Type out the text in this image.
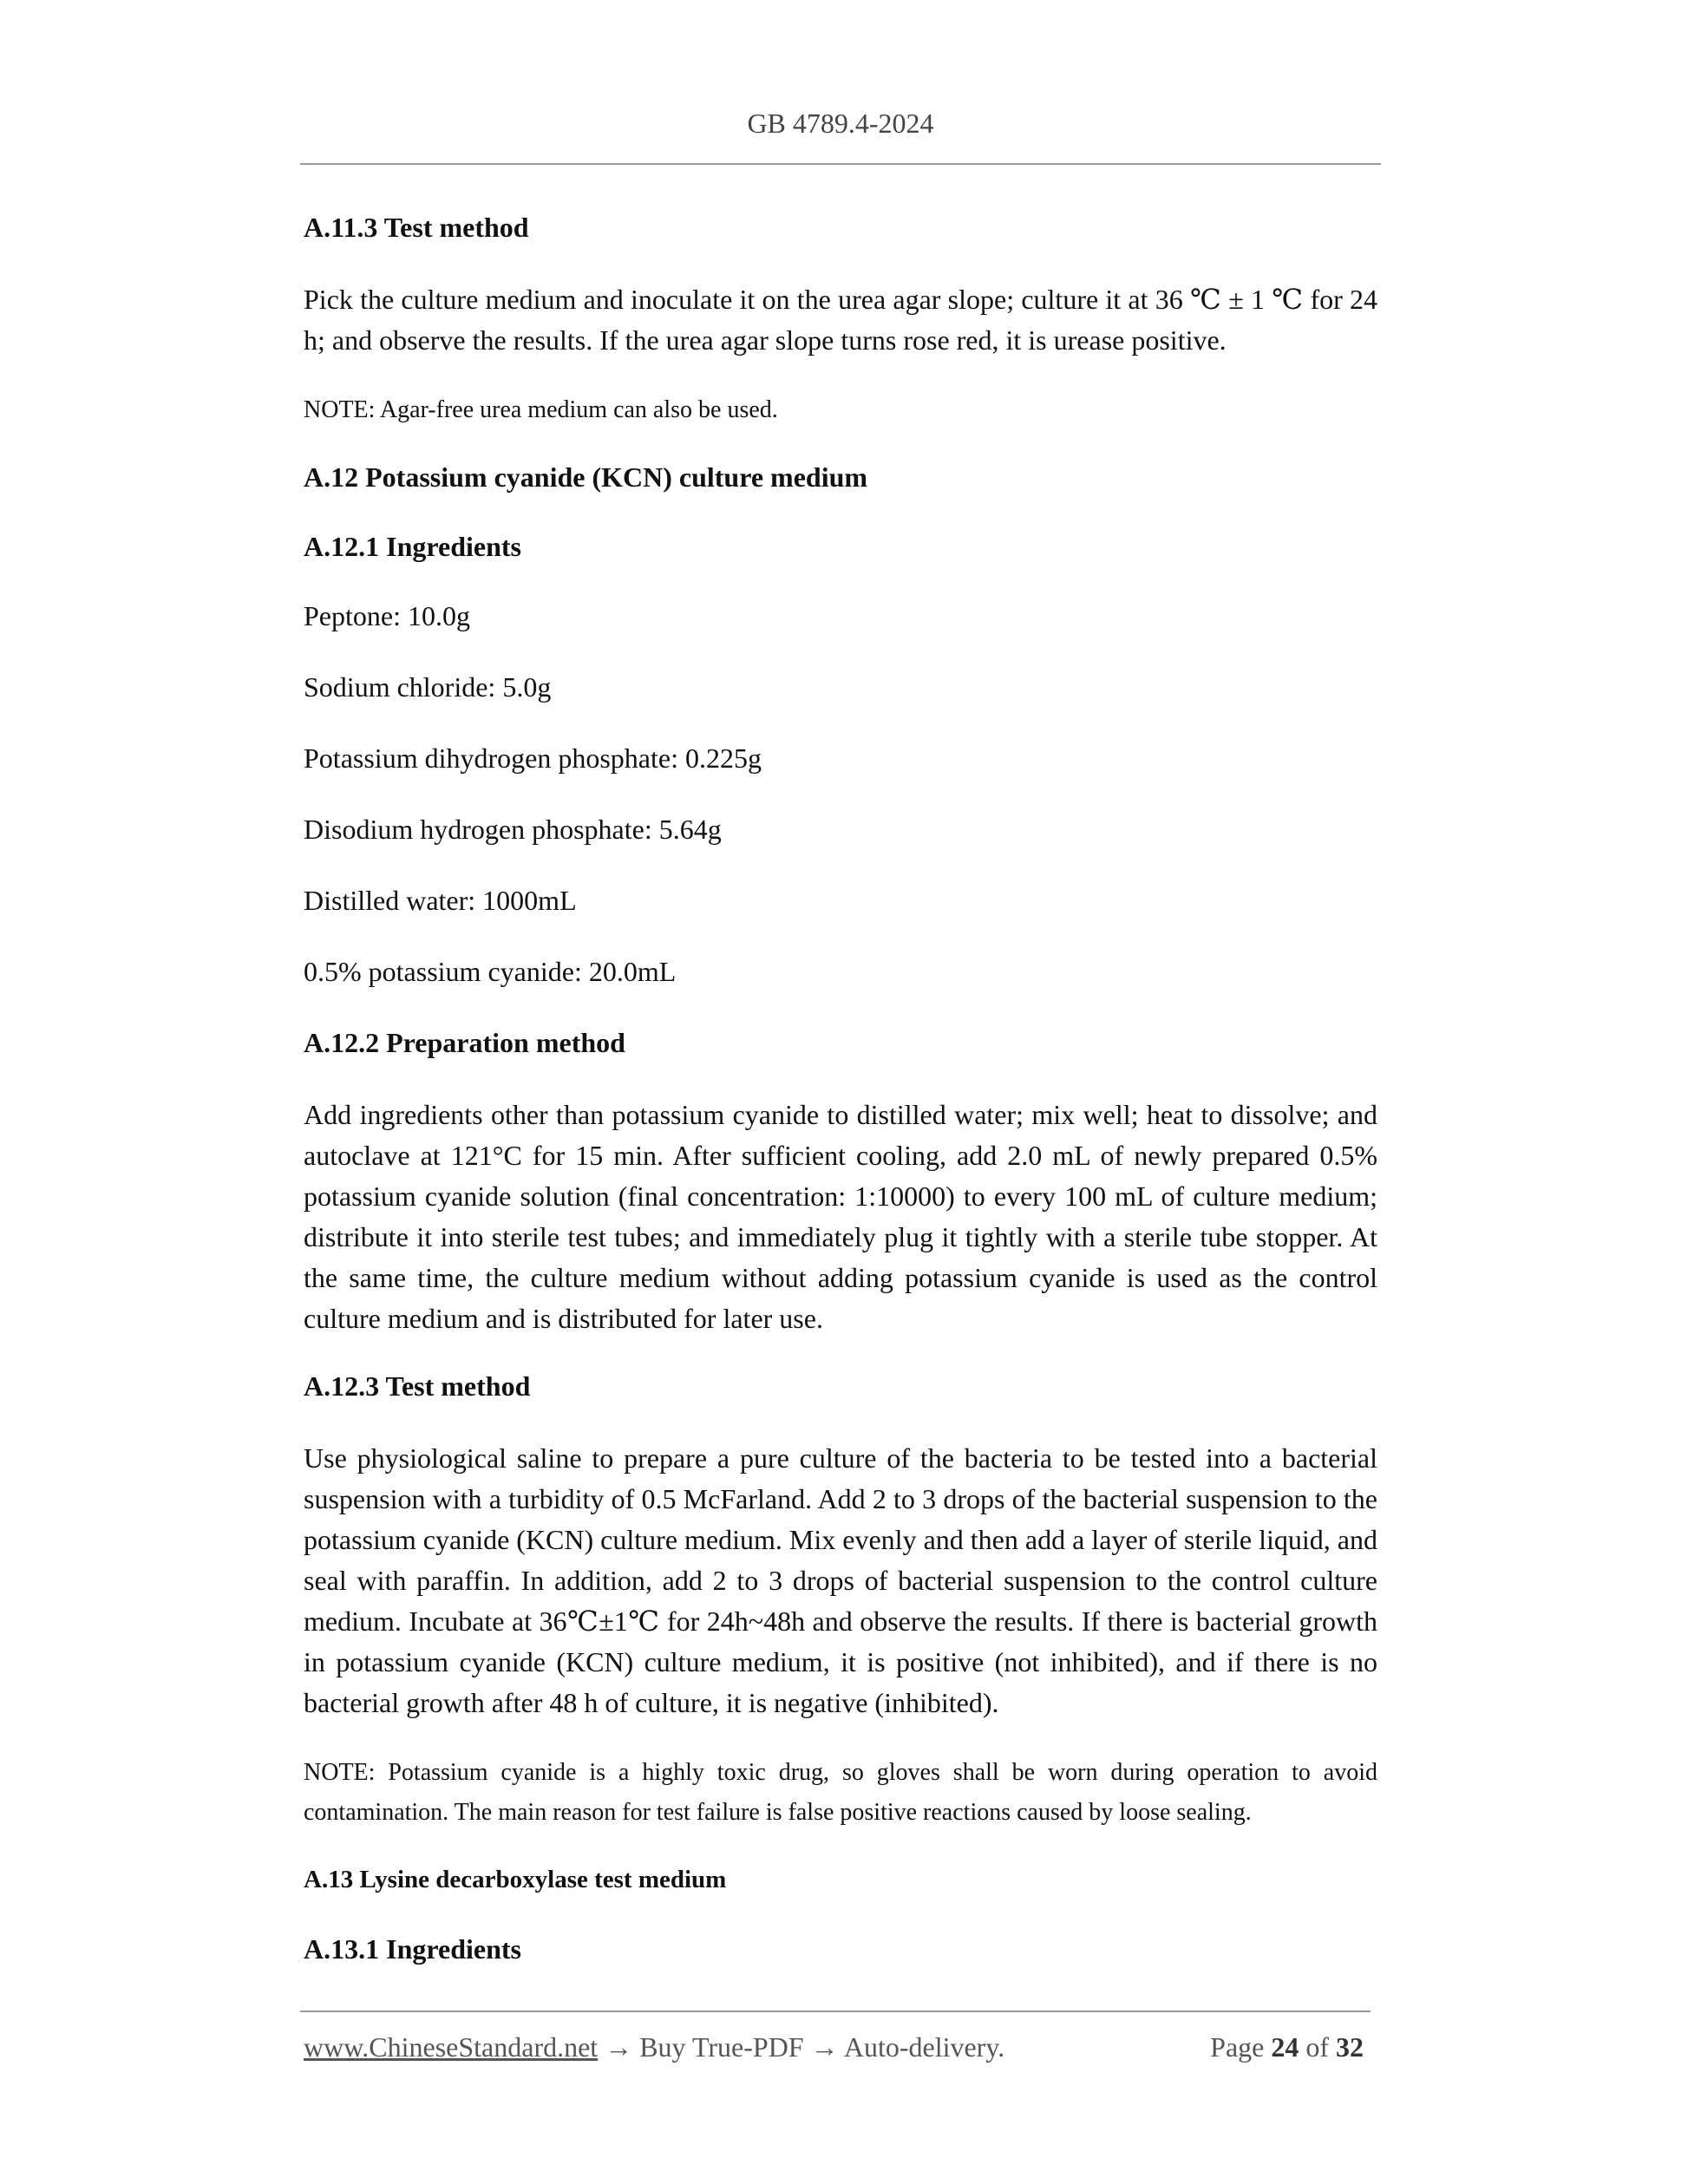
GB 4789.4-2024
A.11.3 Test method
Pick the culture medium and inoculate it on the urea agar slope; culture it at 36 ℃ ± 1 ℃ for 24 h; and observe the results. If the urea agar slope turns rose red, it is urease positive.
NOTE: Agar-free urea medium can also be used.
A.12 Potassium cyanide (KCN) culture medium
A.12.1 Ingredients
Peptone: 10.0g
Sodium chloride: 5.0g
Potassium dihydrogen phosphate: 0.225g
Disodium hydrogen phosphate: 5.64g
Distilled water: 1000mL
0.5% potassium cyanide: 20.0mL
A.12.2 Preparation method
Add ingredients other than potassium cyanide to distilled water; mix well; heat to dissolve; and autoclave at 121°C for 15 min. After sufficient cooling, add 2.0 mL of newly prepared 0.5% potassium cyanide solution (final concentration: 1:10000) to every 100 mL of culture medium; distribute it into sterile test tubes; and immediately plug it tightly with a sterile tube stopper. At the same time, the culture medium without adding potassium cyanide is used as the control culture medium and is distributed for later use.
A.12.3 Test method
Use physiological saline to prepare a pure culture of the bacteria to be tested into a bacterial suspension with a turbidity of 0.5 McFarland. Add 2 to 3 drops of the bacterial suspension to the potassium cyanide (KCN) culture medium. Mix evenly and then add a layer of sterile liquid, and seal with paraffin. In addition, add 2 to 3 drops of bacterial suspension to the control culture medium. Incubate at 36℃±1℃ for 24h~48h and observe the results. If there is bacterial growth in potassium cyanide (KCN) culture medium, it is positive (not inhibited), and if there is no bacterial growth after 48 h of culture, it is negative (inhibited).
NOTE: Potassium cyanide is a highly toxic drug, so gloves shall be worn during operation to avoid contamination. The main reason for test failure is false positive reactions caused by loose sealing.
A.13 Lysine decarboxylase test medium
A.13.1 Ingredients
www.ChineseStandard.net → Buy True-PDF → Auto-delivery.	Page 24 of 32
